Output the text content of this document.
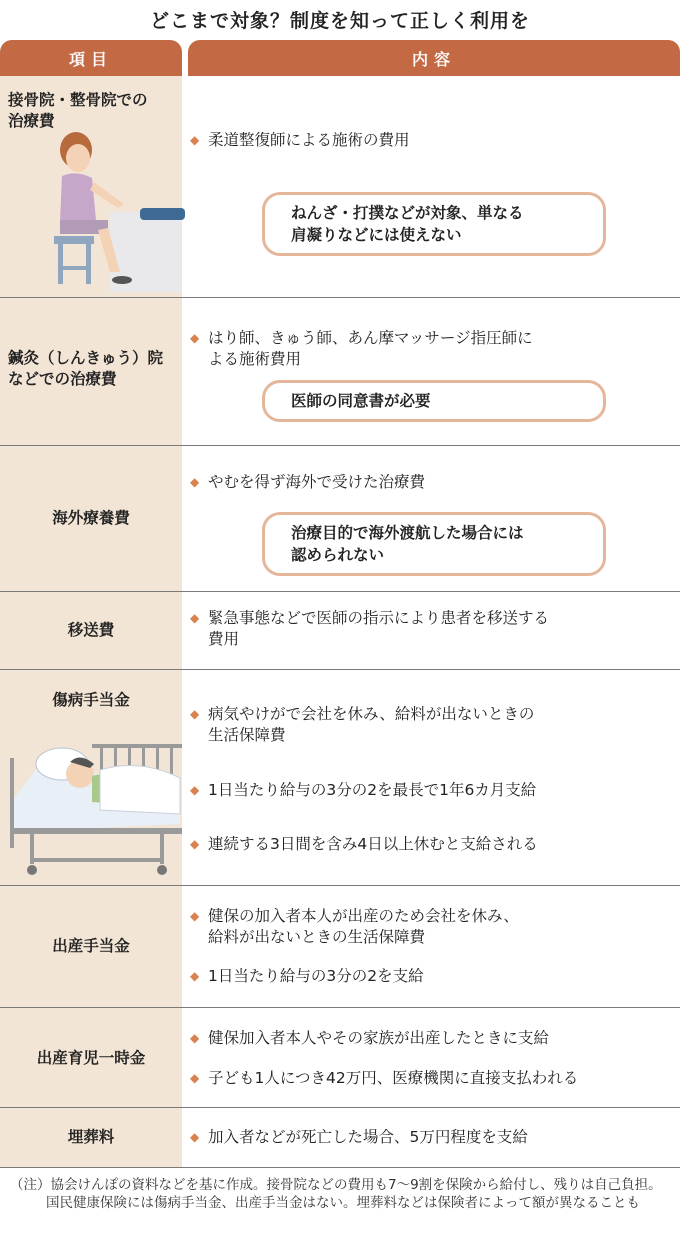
どこまで対象？制度を知って正しく利用を
項目	内容
接骨院・整骨院での
治療費
◆ 柔道整復師による施術の費用
ねんざ・打撲などが対象、単なる
肩凝りなどには使えない
鍼灸（しんきゅう）院
などでの治療費
◆ はり師、きゅう師、あん摩マッサージ指圧師に
よる施術費用
医師の同意書が必要
海外療養費
◆ やむを得ず海外で受けた治療費
治療目的で海外渡航した場合には
認められない
移送費
◆ 緊急事態などで医師の指示により患者を移送する
費用
傷病手当金
◆ 病気やけがで会社を休み、給料が出ないときの
生活保障費
◆ 1日当たり給与の3分の2を最長で1年6カ月支給
◆ 連続する3日間を含み4日以上休むと支給される
出産手当金
◆ 健保の加入者本人が出産のため会社を休み、
給料が出ないときの生活保障費
◆ 1日当たり給与の3分の2を支給
出産育児一時金
◆ 健保加入者本人やその家族が出産したときに支給
◆ 子ども1人につき42万円、医療機関に直接支払われる
埋葬料
◆	加入者などが死亡した場合、5万円程度を支給
（注）協会けんぽの資料などを基に作成。接骨院などの費用も7～9割を保険から給付し、残りは自己負担。国民健康保険には傷病手当金、出産手当金はない。埋葬料などは保険者によって額が異なることも
